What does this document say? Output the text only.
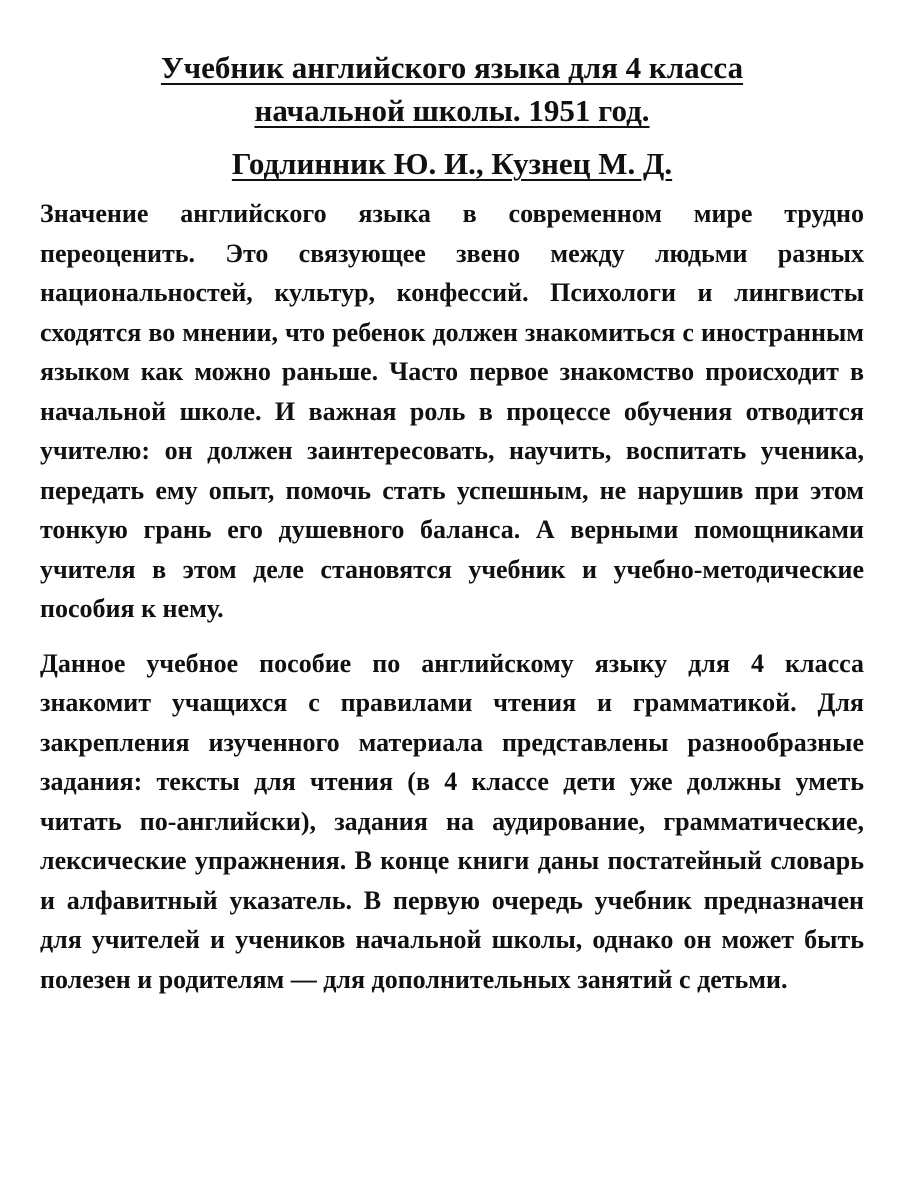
Учебник английского языка для 4 класса
начальной школы. 1951 год.
Годлинник Ю. И., Кузнец М. Д.

Значение английского языка в современном мире трудно переоценить. Это связующее звено между людьми разных национальностей, культур, конфессий. Психологи и лингвисты сходятся во мнении, что ребенок должен знакомиться с иностранным языком как можно раньше. Часто первое знакомство происходит в начальной школе. И важная роль в процессе обучения отводится учителю: он должен заинтересовать, научить, воспитать ученика, передать ему опыт, помочь стать успешным, не нарушив при этом тонкую грань его душевного баланса. А верными помощниками учителя в этом деле становятся учебник и учебно-методические пособия к нему.

Данное учебное пособие по английскому языку для 4 класса знакомит учащихся с правилами чтения и грамматикой. Для закрепления изученного материала представлены разнообразные задания: тексты для чтения (в 4 классе дети уже должны уметь читать по-английски), задания на аудирование, грамматические, лексические упражнения. В конце книги даны постатейный словарь и алфавитный указатель. В первую очередь учебник предназначен для учителей и учеников начальной школы, однако он может быть полезен и родителям — для дополнительных занятий с детьми.
